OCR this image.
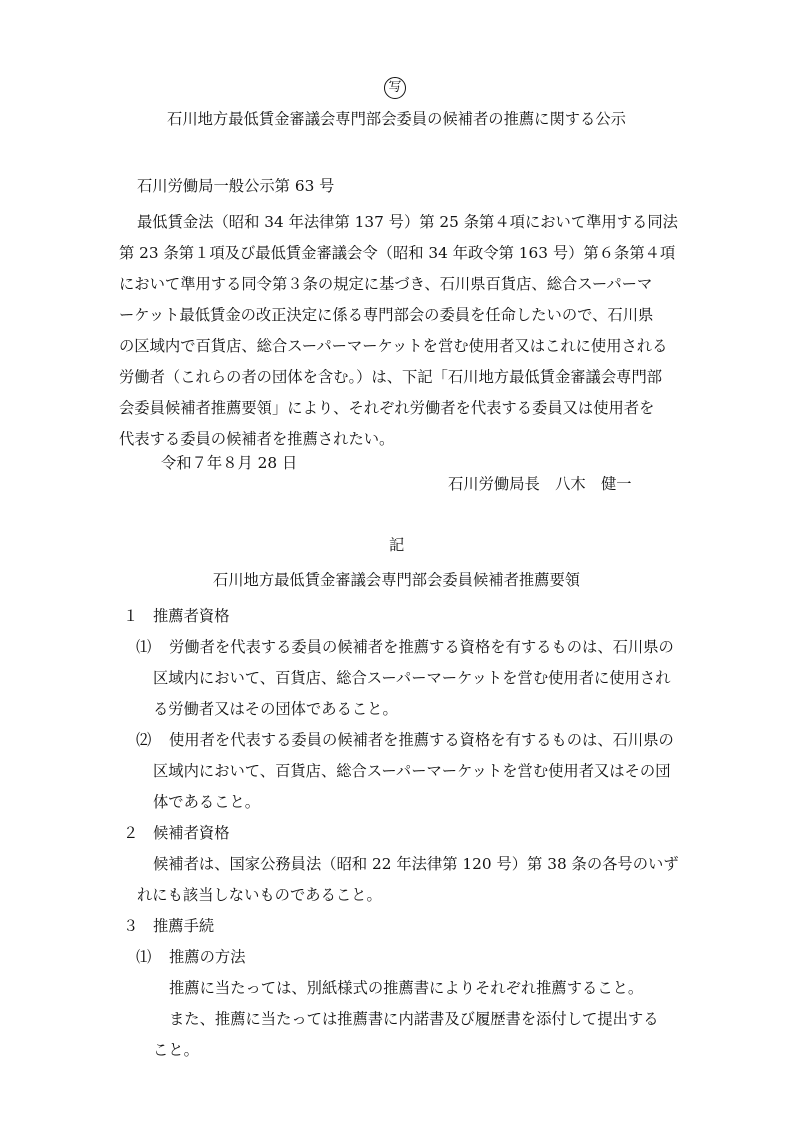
写
石川地方最低賃金審議会専門部会委員の候補者の推薦に関する公示
石川労働局一般公示第 63 号
最低賃金法（昭和 34 年法律第 137 号）第 25 条第４項において準用する同法
第 23 条第１項及び最低賃金審議会令（昭和 34 年政令第 163 号）第６条第４項
において準用する同令第３条の規定に基づき、石川県百貨店、総合スーパーマ
ーケット最低賃金の改正決定に係る専門部会の委員を任命したいので、石川県
の区域内で百貨店、総合スーパーマーケットを営む使用者又はこれに使用される
労働者（これらの者の団体を含む。）は、下記「石川地方最低賃金審議会専門部
会委員候補者推薦要領」により、それぞれ労働者を代表する委員又は使用者を
代表する委員の候補者を推薦されたい。
令和７年８月 28 日
石川労働局長　八木　健一
記
石川地方最低賃金審議会専門部会委員候補者推薦要領
１ 推薦者資格
⑴ 労働者を代表する委員の候補者を推薦する資格を有するものは、石川県の
区域内において、百貨店、総合スーパーマーケットを営む使用者に使用され
る労働者又はその団体であること。
⑵ 使用者を代表する委員の候補者を推薦する資格を有するものは、石川県の
区域内において、百貨店、総合スーパーマーケットを営む使用者又はその団
体であること。
２ 候補者資格
候補者は、国家公務員法（昭和 22 年法律第 120 号）第 38 条の各号のいず
れにも該当しないものであること。
３ 推薦手続
⑴ 推薦の方法
推薦に当たっては、別紙様式の推薦書によりそれぞれ推薦すること。
また、推薦に当たっては推薦書に内諾書及び履歴書を添付して提出する
こと。
